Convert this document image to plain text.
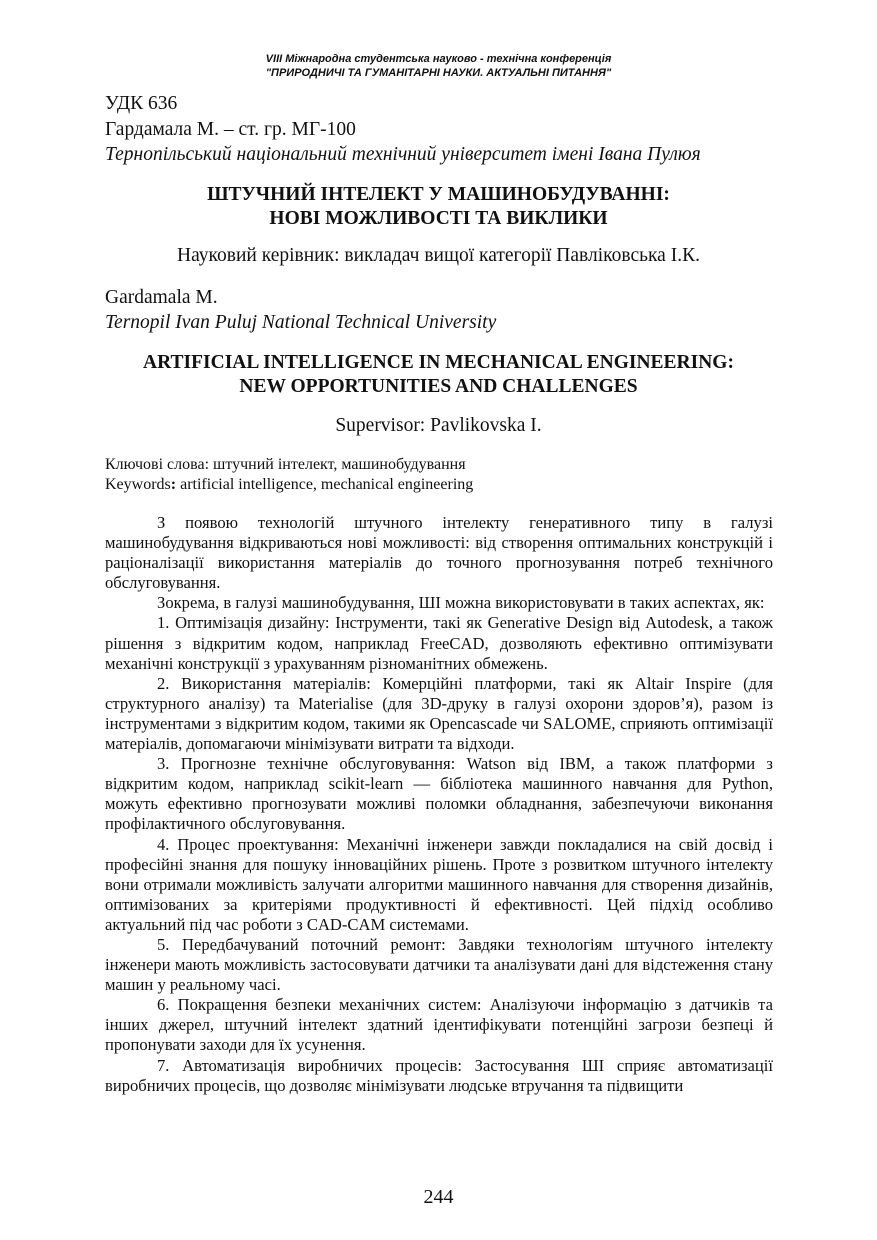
VIII Міжнародна студентська науково - технічна конференція
"ПРИРОДНИЧІ ТА ГУМАНІТАРНІ НАУКИ. АКТУАЛЬНІ ПИТАННЯ"
УДК 636
Гардамала М. – ст. гр. МГ-100
Тернопільський національний технічний університет імені Івана Пулюя
ШТУЧНИЙ ІНТЕЛЕКТ У МАШИНОБУДУВАННІ:
НОВІ МОЖЛИВОСТІ ТА ВИКЛИКИ
Науковий керівник: викладач вищої категорії Павліковська І.К.
Gardamala M.
Ternopil Ivan Puluj National Technical University
ARTIFICIAL INTELLIGENCE IN MECHANICAL ENGINEERING:
NEW OPPORTUNITIES AND CHALLENGES
Supervisor: Pavlikovska I.
Ключові слова: штучний інтелект, машинобудування
Keywords: artificial intelligence, mechanical engineering

З появою технологій штучного інтелекту генеративного типу в галузі машинобудування відкриваються нові можливості: від створення оптимальних конструкцій і раціоналізації використання матеріалів до точного прогнозування потреб технічного обслуговування.

Зокрема, в галузі машинобудування, ШІ можна використовувати в таких аспектах, як:

1. Оптимізація дизайну: Інструменти, такі як Generative Design від Autodesk, а також рішення з відкритим кодом, наприклад FreeCAD, дозволяють ефективно оптимізувати механічні конструкції з урахуванням різноманітних обмежень.

2. Використання матеріалів: Комерційні платформи, такі як Altair Inspire (для структурного аналізу) та Materialise (для 3D-друку в галузі охорони здоров’я), разом із інструментами з відкритим кодом, такими як Opencascade чи SALOME, сприяють оптимізації матеріалів, допомагаючи мінімізувати витрати та відходи.

3. Прогнозне технічне обслуговування: Watson від IBM, а також платформи з відкритим кодом, наприклад scikit-learn — бібліотека машинного навчання для Python, можуть ефективно прогнозувати можливі поломки обладнання, забезпечуючи виконання профілактичного обслуговування.

4. Процес проектування: Механічні інженери завжди покладалися на свій досвід і професійні знання для пошуку інноваційних рішень. Проте з розвитком штучного інтелекту вони отримали можливість залучати алгоритми машинного навчання для створення дизайнів, оптимізованих за критеріями продуктивності й ефективності. Цей підхід особливо актуальний під час роботи з CAD-CAM системами.

5. Передбачуваний поточний ремонт: Завдяки технологіям штучного інтелекту інженери мають можливість застосовувати датчики та аналізувати дані для відстеження стану машин у реальному часі.

6. Покращення безпеки механічних систем: Аналізуючи інформацію з датчиків та інших джерел, штучний інтелект здатний ідентифікувати потенційні загрози безпеці й пропонувати заходи для їх усунення.

7. Автоматизація виробничих процесів: Застосування ШІ сприяє автоматизації виробничих процесів, що дозволяє мінімізувати людське втручання та підвищити

244
